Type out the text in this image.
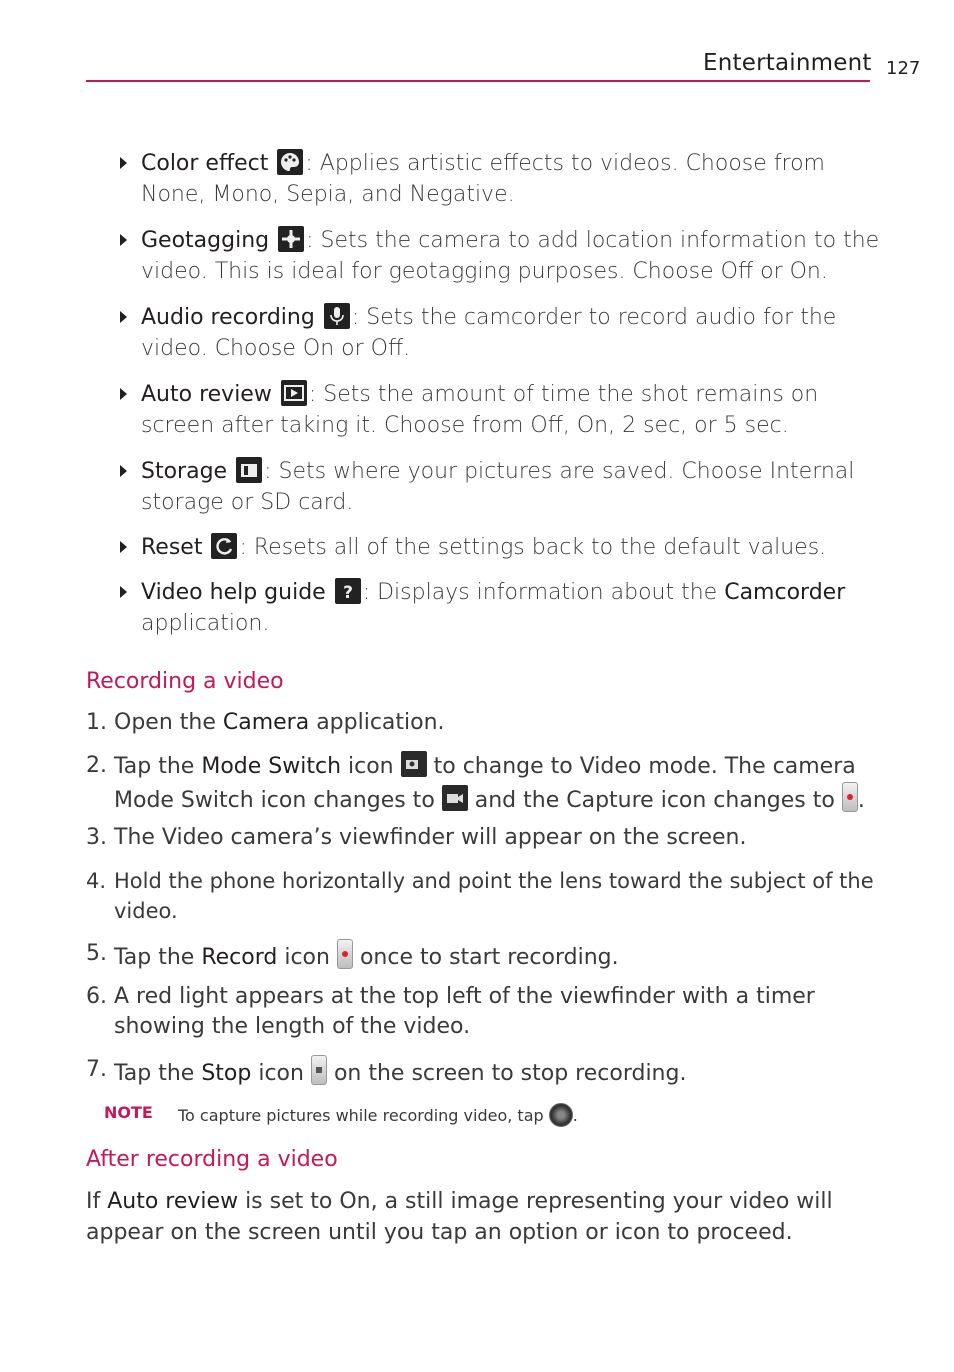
Entertainment 127
Color effect : Applies artistic effects to videos. Choose from None, Mono, Sepia, and Negative.
Geotagging : Sets the camera to add location information to the video. This is ideal for geotagging purposes. Choose Off or On.
Audio recording : Sets the camcorder to record audio for the video. Choose On or Off.
Auto review : Sets the amount of time the shot remains on screen after taking it. Choose from Off, On, 2 sec, or 5 sec.
Storage : Sets where your pictures are saved. Choose Internal storage or SD card.
Reset : Resets all of the settings back to the default values.
Video help guide ? : Displays information about the Camcorder
application.
Recording a video
1. Open the Camera application.
2. Tap the Mode Switch icon  to change to Video mode. The camera Mode Switch icon changes to  and the Capture icon changes to
.
3. The Video camera’s viewfinder will appear on the screen.
4. Hold the phone horizontally and point the lens toward the subject of the video.
5. Tap the Record icon
once to start recording.
6. A red light appears at the top left of the viewfinder with a timer showing the length of the video.
7. Tap the Stop icon
on the screen to stop recording.
NOTE To capture pictures while recording video, tap .
After recording a video
If Auto review is set to On, a still image representing your video will appear on the screen until you tap an option or icon to proceed.
